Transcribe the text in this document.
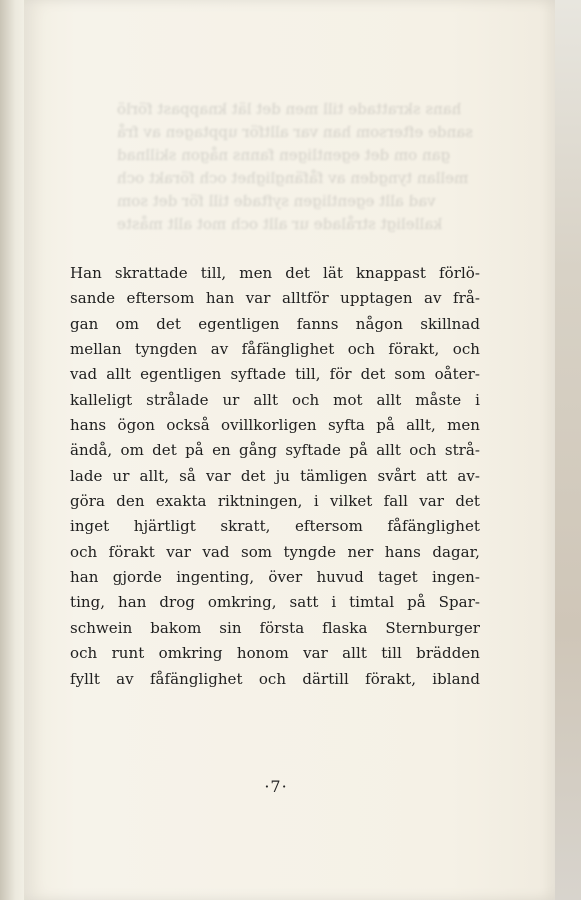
hans skrattade till men det lät knappast förlö
sande eftersom han var alltför upptagen av frå
gan om det egentligen fanns någon skillnad
mellan tyngden av fåfänglighet och förakt och
vad allt egentligen syftade till för det som
kalleligt strålade ur allt och mot allt måste
Han skrattade till, men det lät knappast förlö-
sande eftersom han var alltför upptagen av frå-
gan om det egentligen fanns någon skillnad
mellan tyngden av fåfänglighet och förakt, och
vad allt egentligen syftade till, för det som oåter-
kalleligt strålade ur allt och mot allt måste i
hans ögon också ovillkorligen syfta på allt, men
ändå, om det på en gång syftade på allt och strå-
lade ur allt, så var det ju tämligen svårt att av-
göra den exakta riktningen, i vilket fall var det
inget hjärtligt skratt, eftersom fåfänglighet
och förakt var vad som tyngde ner hans dagar,
han gjorde ingenting, över huvud taget ingen-
ting, han drog omkring, satt i timtal på Spar-
schwein bakom sin första flaska Sternburger
och runt omkring honom var allt till brädden
fyllt av fåfänglighet och därtill förakt, ibland
·7·
